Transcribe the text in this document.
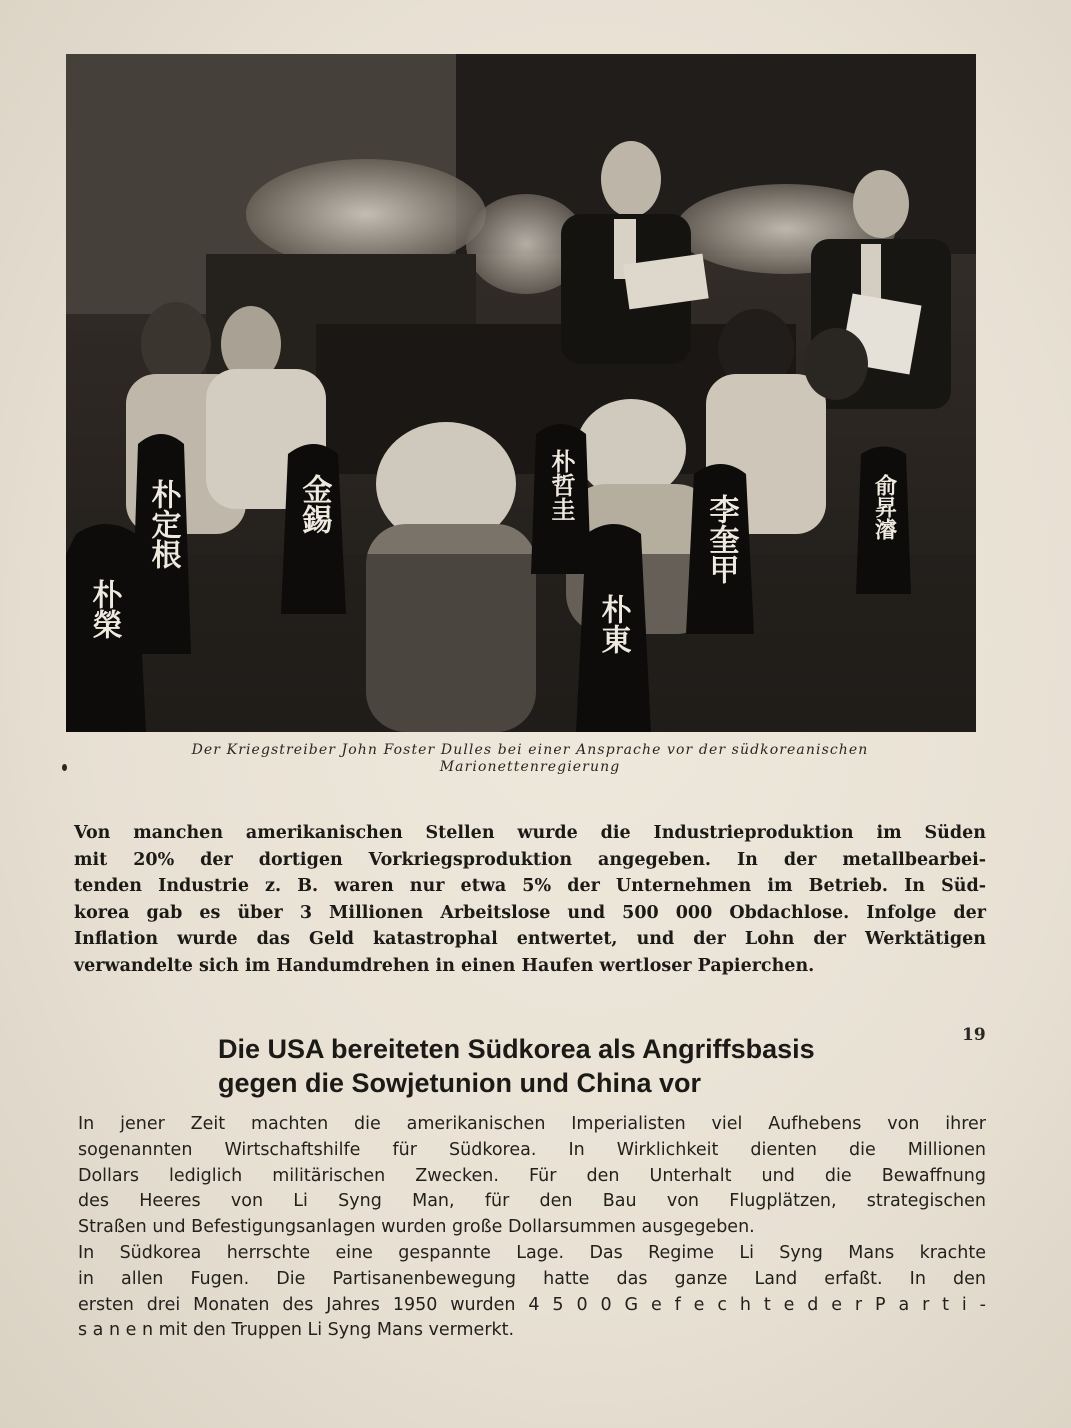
朴定根	金錫	朴哲圭
李奎甲	俞昇濬
朴東
朴榮
Der Kriegstreiber John Foster Dulles bei einer Ansprache vor der südkoreanischen
Marionettenregierung
Von manchen amerikanischen Stellen wurde die Industrieproduktion im Süden
mit 20% der dortigen Vorkriegsproduktion angegeben. In der metallbearbei-
tenden Industrie z. B. waren nur etwa 5% der Unternehmen im Betrieb. In Süd-
korea gab es über 3 Millionen Arbeitslose und 500 000 Obdachlose. Infolge der
Inflation wurde das Geld katastrophal entwertet, und der Lohn der Werktätigen
verwandelte sich im Handumdrehen in einen Haufen wertloser Papierchen.
Die USA bereiteten Südkorea als Angriffsbasis
gegen die Sowjetunion und China vor
In jener Zeit machten die amerikanischen Imperialisten viel Aufhebens von ihrer
sogenannten Wirtschaftshilfe für Südkorea. In Wirklichkeit dienten die Millionen
Dollars lediglich militärischen Zwecken. Für den Unterhalt und die Bewaffnung
des Heeres von Li Syng Man, für den Bau von Flugplätzen, strategischen
Straßen und Befestigungsanlagen wurden große Dollarsummen ausgegeben.
In Südkorea herrschte eine gespannte Lage. Das Regime Li Syng Mans krachte
in allen Fugen. Die Partisanenbewegung hatte das ganze Land erfaßt. In den
ersten drei Monaten des Jahres 1950 wurden 4 5 0 0 G e f e c h t e d e r P a r t i -
s a n e n mit den Truppen Li Syng Mans vermerkt.
19
